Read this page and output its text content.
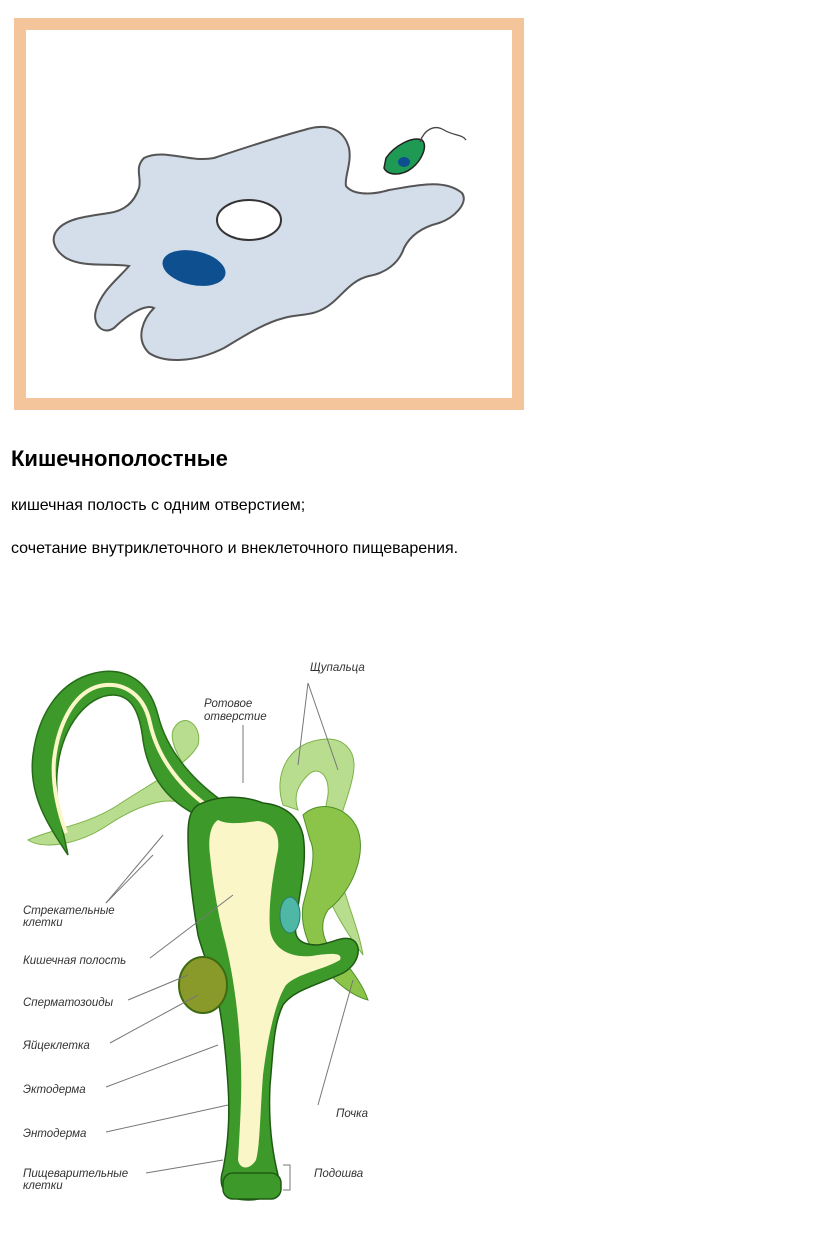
Кишечнополостные

кишечная полость с одним отверстием;

сочетание внутриклеточного и внеклеточного пищеварения.

Щупальца
Ротовое
отверстие
Стрекательные
клетки
Кишечная полость
Сперматозоиды
Яйцеклетка
Эктодерма
Энтодерма
Пищеварительные
клетки
Почка
Подошва
